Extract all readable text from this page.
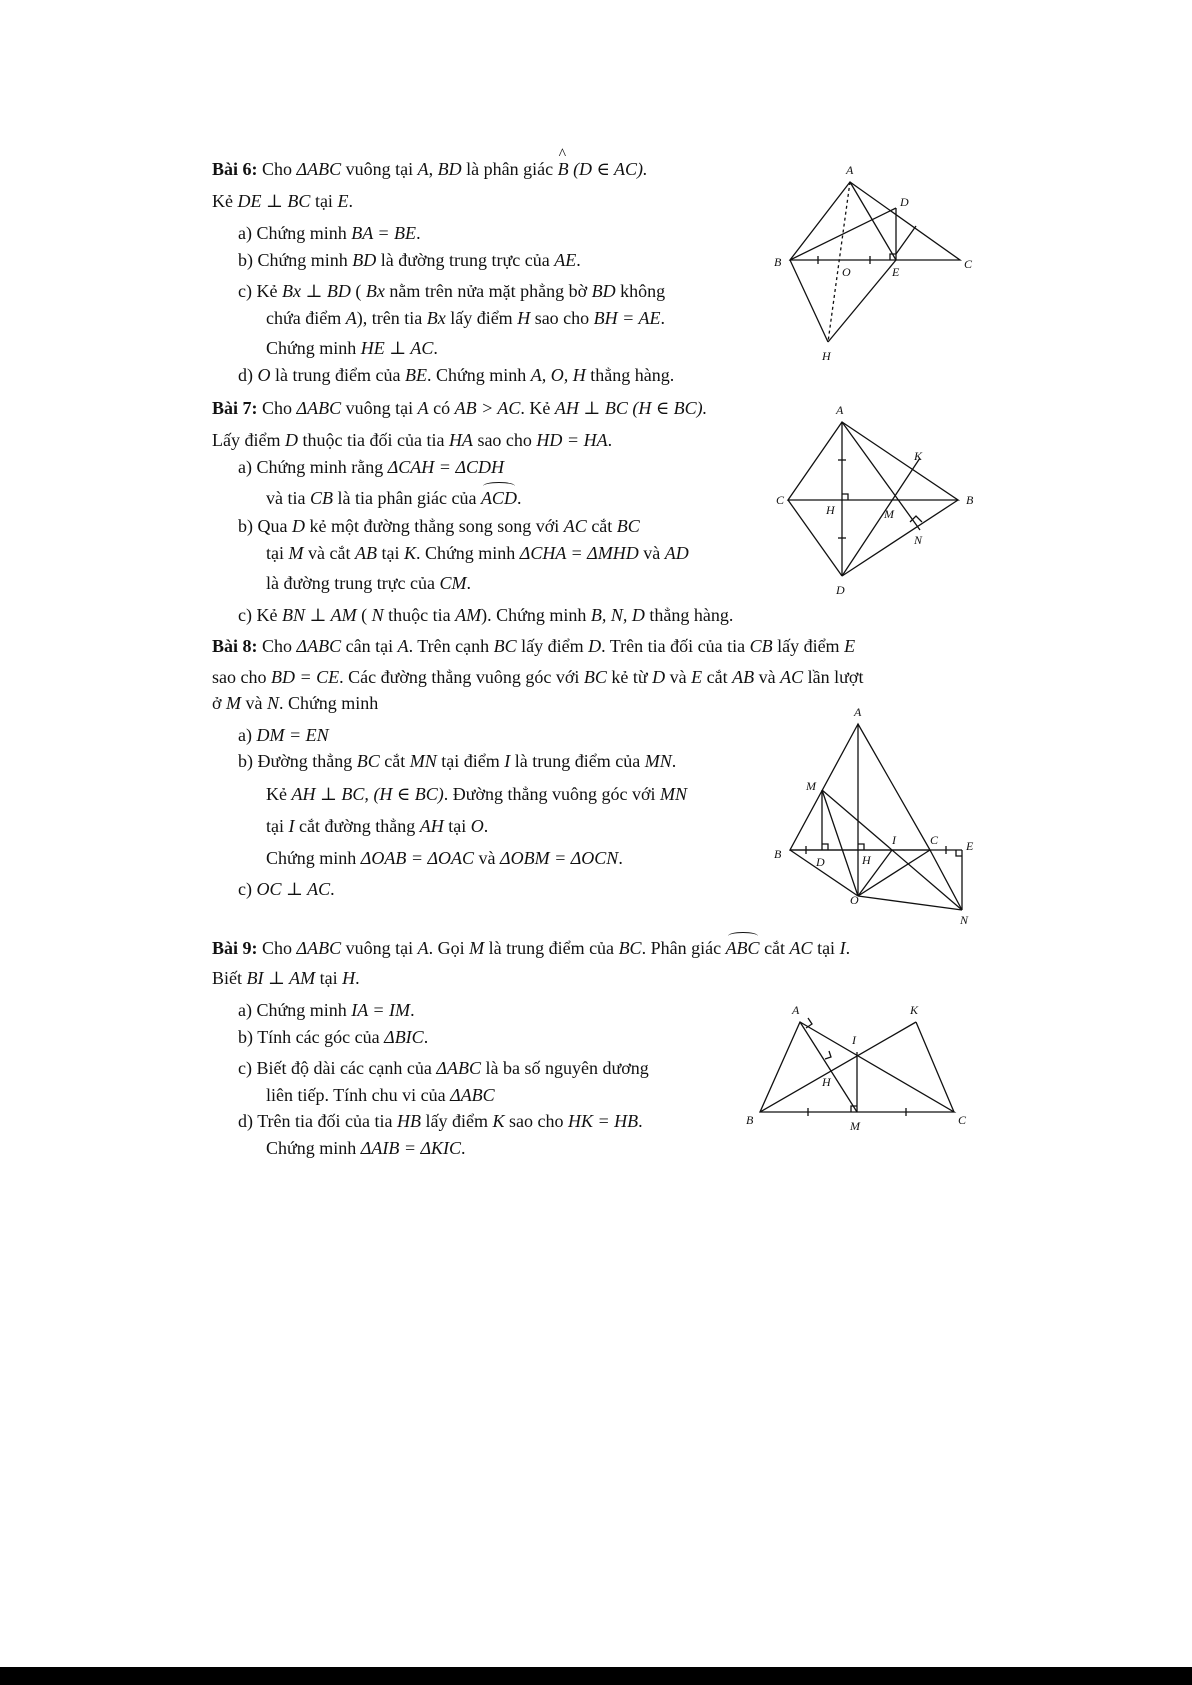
Bài 6: Cho ΔABC vuông tại A, BD là phân giác ^ B (D ∈ AC).
Kẻ DE ⊥ BC tại E.
a) Chứng minh BA = BE.
b) Chứng minh BD là đường trung trực của AE.
c) Kẻ Bx ⊥ BD ( Bx nằm trên nửa mặt phẳng bờ BD không
chứa điểm A), trên tia Bx lấy điểm H sao cho BH = AE.
Chứng minh HE ⊥ AC.
d) O là trung điểm của BE. Chứng minh A, O, H thẳng hàng.
A
B	C
D
E
O
H
Bài 7: Cho ΔABC vuông tại A có AB > AC. Kẻ AH ⊥ BC (H ∈ BC).
Lấy điểm D thuộc tia đối của tia HA sao cho HD = HA.
a) Chứng minh rằng ΔCAH = ΔCDH
và tia CB là tia phân giác của ACD.
b) Qua D kẻ một đường thẳng song song với AC cắt BC
tại M và cắt AB tại K. Chứng minh ΔCHA = ΔMHD và AD
là đường trung trực của CM.
c) Kẻ BN ⊥ AM ( N thuộc tia AM). Chứng minh B, N, D thẳng hàng.
A
B
C
D
H
K
M
N
Bài 8: Cho ΔABC cân tại A. Trên cạnh BC lấy điểm D. Trên tia đối của tia CB lấy điểm E
sao cho BD = CE. Các đường thẳng vuông góc với BC kẻ từ D và E cắt AB và AC lần lượt
ở M và N. Chứng minh
a) DM = EN
b) Đường thẳng BC cắt MN tại điểm I là trung điểm của MN.
Kẻ AH ⊥ BC, (H ∈ BC). Đường thẳng vuông góc với MN
tại I cắt đường thẳng AH tại O.
Chứng minh ΔOAB = ΔOAC và ΔOBM = ΔOCN.
c) OC ⊥ AC.
A
B
C
D
E
H
I
M
N
O
Bài 9: Cho ΔABC vuông tại A. Gọi M là trung điểm của BC. Phân giác ABC cắt AC tại I.
Biết BI ⊥ AM tại H.
a) Chứng minh IA = IM.
b) Tính các góc của ΔBIC.
c) Biết độ dài các cạnh của ΔABC là ba số nguyên dương
liên tiếp. Tính chu vi của ΔABC
d) Trên tia đối của tia HB lấy điểm K sao cho HK = HB.
Chứng minh ΔAIB = ΔKIC.
A
B	C
H
I
K
M
